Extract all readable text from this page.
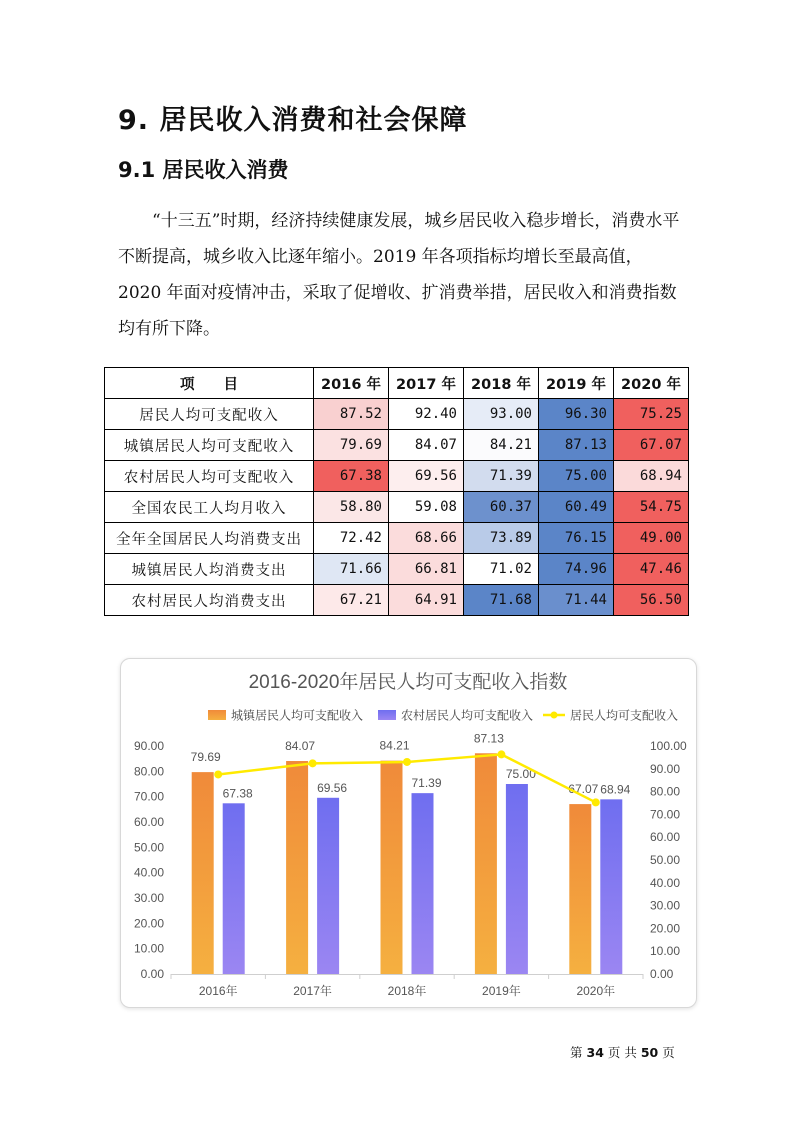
9. 居民收入消费和社会保障
9.1 居民收入消费

“十三五”时期，经济持续健康发展，城乡居民收入稳步增长，消费水平不断提高，城乡收入比逐年缩小。2019 年各项指标均增长至最高值，2020 年面对疫情冲击，采取了促增收、扩消费举措，居民收入和消费指数均有所下降。

项　　目	2016 年	2017 年	2018 年	2019 年	2020 年
居民人均可支配收入	87.52	92.40	93.00	96.30	75.25
城镇居民人均可支配收入	79.69	84.07	84.21	87.13	67.07
农村居民人均可支配收入	67.38	69.56	71.39	75.00	68.94
全国农民工人均月收入	58.80	59.08	60.37	60.49	54.75
全年全国居民人均消费支出	72.42	68.66	73.89	76.15	49.00
城镇居民人均消费支出	71.66	66.81	71.02	74.96	47.46
农村居民人均消费支出	67.21	64.91	71.68	71.44	56.50
2016-2020年居民人均可支配收入指数
城镇居民人均可支配收入	农村居民人均可支配收入	居民人均可支配收入
0.00
10.00
20.00
30.00
40.00
50.00
60.00
70.00
80.00
90.00
0.00
10.00
20.00
30.00
40.00
50.00
60.00
70.00
80.00
90.00
100.00
2016年	2017年	2018年	2019年	2020年
79.69
84.07	84.21
87.13
67.07
67.38	69.56	71.39
75.00
68.94
第 34 页 共 50 页
